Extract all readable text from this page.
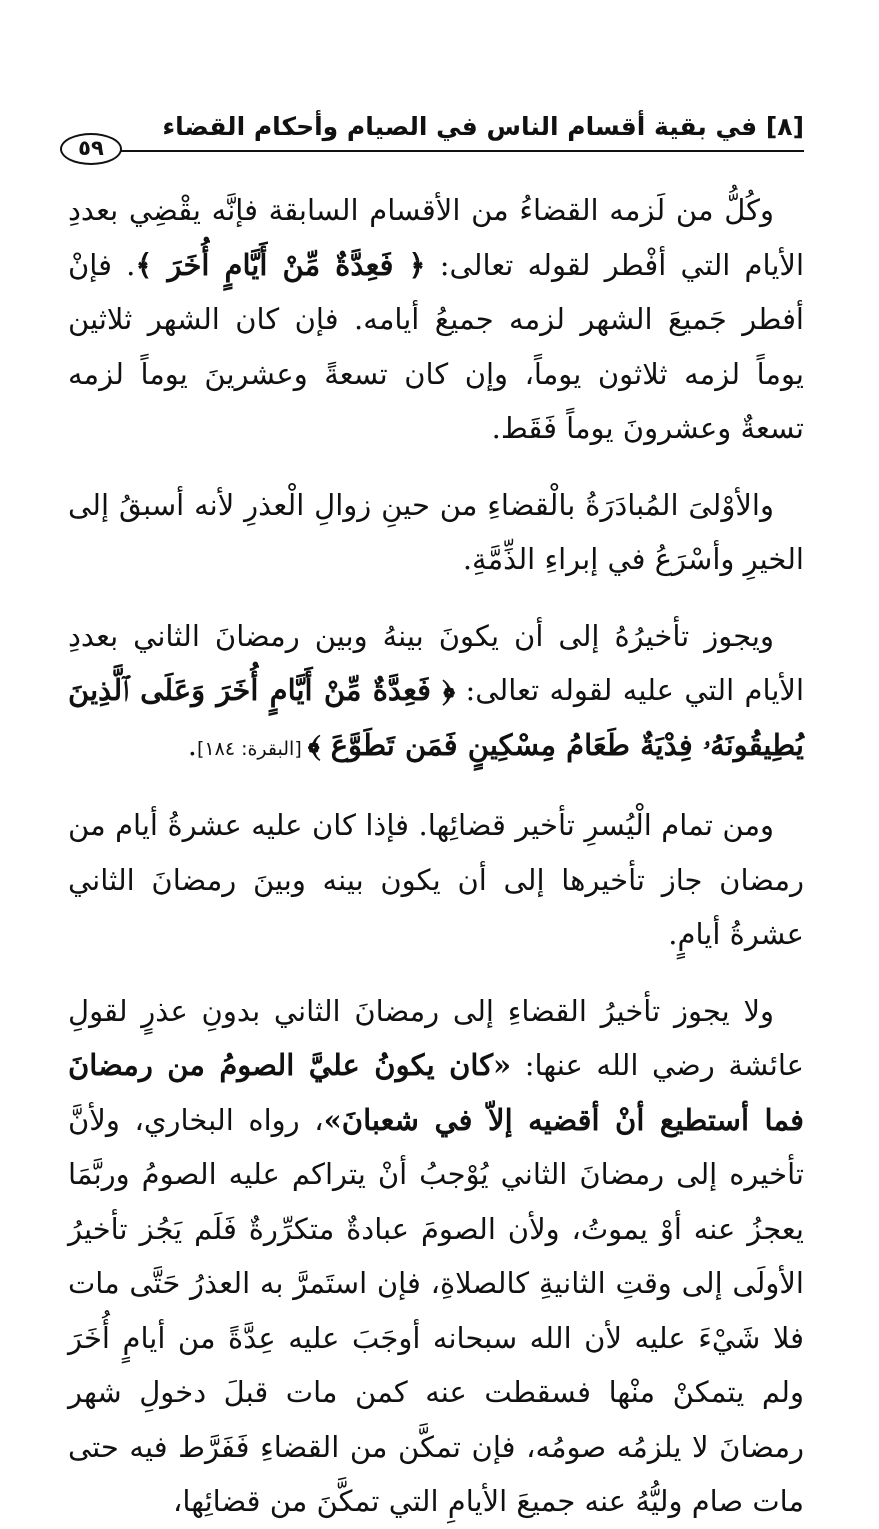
[٨] في بقية أقسام الناس في الصيام وأحكام القضاء
٥٩

وكُلُّ من لَزمه القضاءُ من الأقسام السابقة فإنَّه يقْضِي بعددِ الأيام التي أفْطر لقوله تعالى: ﴿ فَعِدَّةٌ مِّنْ أَيَّامٍ أُخَرَ ﴾. فإنْ أفطر جَميعَ الشهر لزمه جميعُ أيامه. فإن كان الشهر ثلاثين يوماً لزمه ثلاثون يوماً، وإن كان تسعةً وعشرينَ يوماً لزمه تسعةٌ وعشرونَ يوماً فَقَط.

والأوْلىَ المُبادَرَةُ بالْقضاءِ من حينِ زوالِ الْعذرِ لأنه أسبقُ إلى الخيرِ وأسْرَعُ في إبراءِ الذِّمَّةِ.

ويجوز تأخيرُهُ إلى أن يكونَ بينهُ وبين رمضانَ الثاني بعددِ الأيام التي عليه لقوله تعالى: ﴿ فَعِدَّةٌ مِّنْ أَيَّامٍ أُخَرَ وَعَلَى ٱلَّذِينَ يُطِيقُونَهُۥ فِدْيَةٌ طَعَامُ مِسْكِينٍ فَمَن تَطَوَّعَ ﴾ [البقرة: ١٨٤].

ومن تمام الْيُسرِ تأخير قضائِها. فإذا كان عليه عشرةُ أيام من رمضان جاز تأخيرها إلى أن يكون بينه وبينَ رمضانَ الثاني عشرةُ أيامٍ.

ولا يجوز تأخيرُ القضاءِ إلى رمضانَ الثاني بدونِ عذرٍ لقولِ عائشة رضي الله عنها: «كان يكونُ عليَّ الصومُ من رمضانَ فما أستطيع أنْ أقضيه إلاّ في شعبانَ»، رواه البخاري، ولأنَّ تأخيره إلى رمضانَ الثاني يُوْجبُ أنْ يتراكم عليه الصومُ وربَّمَا يعجزُ عنه أوْ يموتُ، ولأن الصومَ عبادةٌ متكرِّرةٌ فَلَم يَجُز تأخيرُ الأولَى إلى وقتِ الثانيةِ كالصلاةِ، فإن استَمرَّ به العذرُ حَتَّى مات فلا شَيْءَ عليه لأن الله سبحانه أوجَبَ عليه عِدَّةً من أيامٍ أُخَرَ ولم يتمكنْ منْها فسقطت عنه كمن مات قبلَ دخولِ شهر رمضانَ لا يلزمُه صومُه، فإن تمكَّن من القضاءِ فَفَرَّط فيه حتى مات صام وليُّهُ عنه جميعَ الأيامِ التي تمكَّنَ من قضائِها،
